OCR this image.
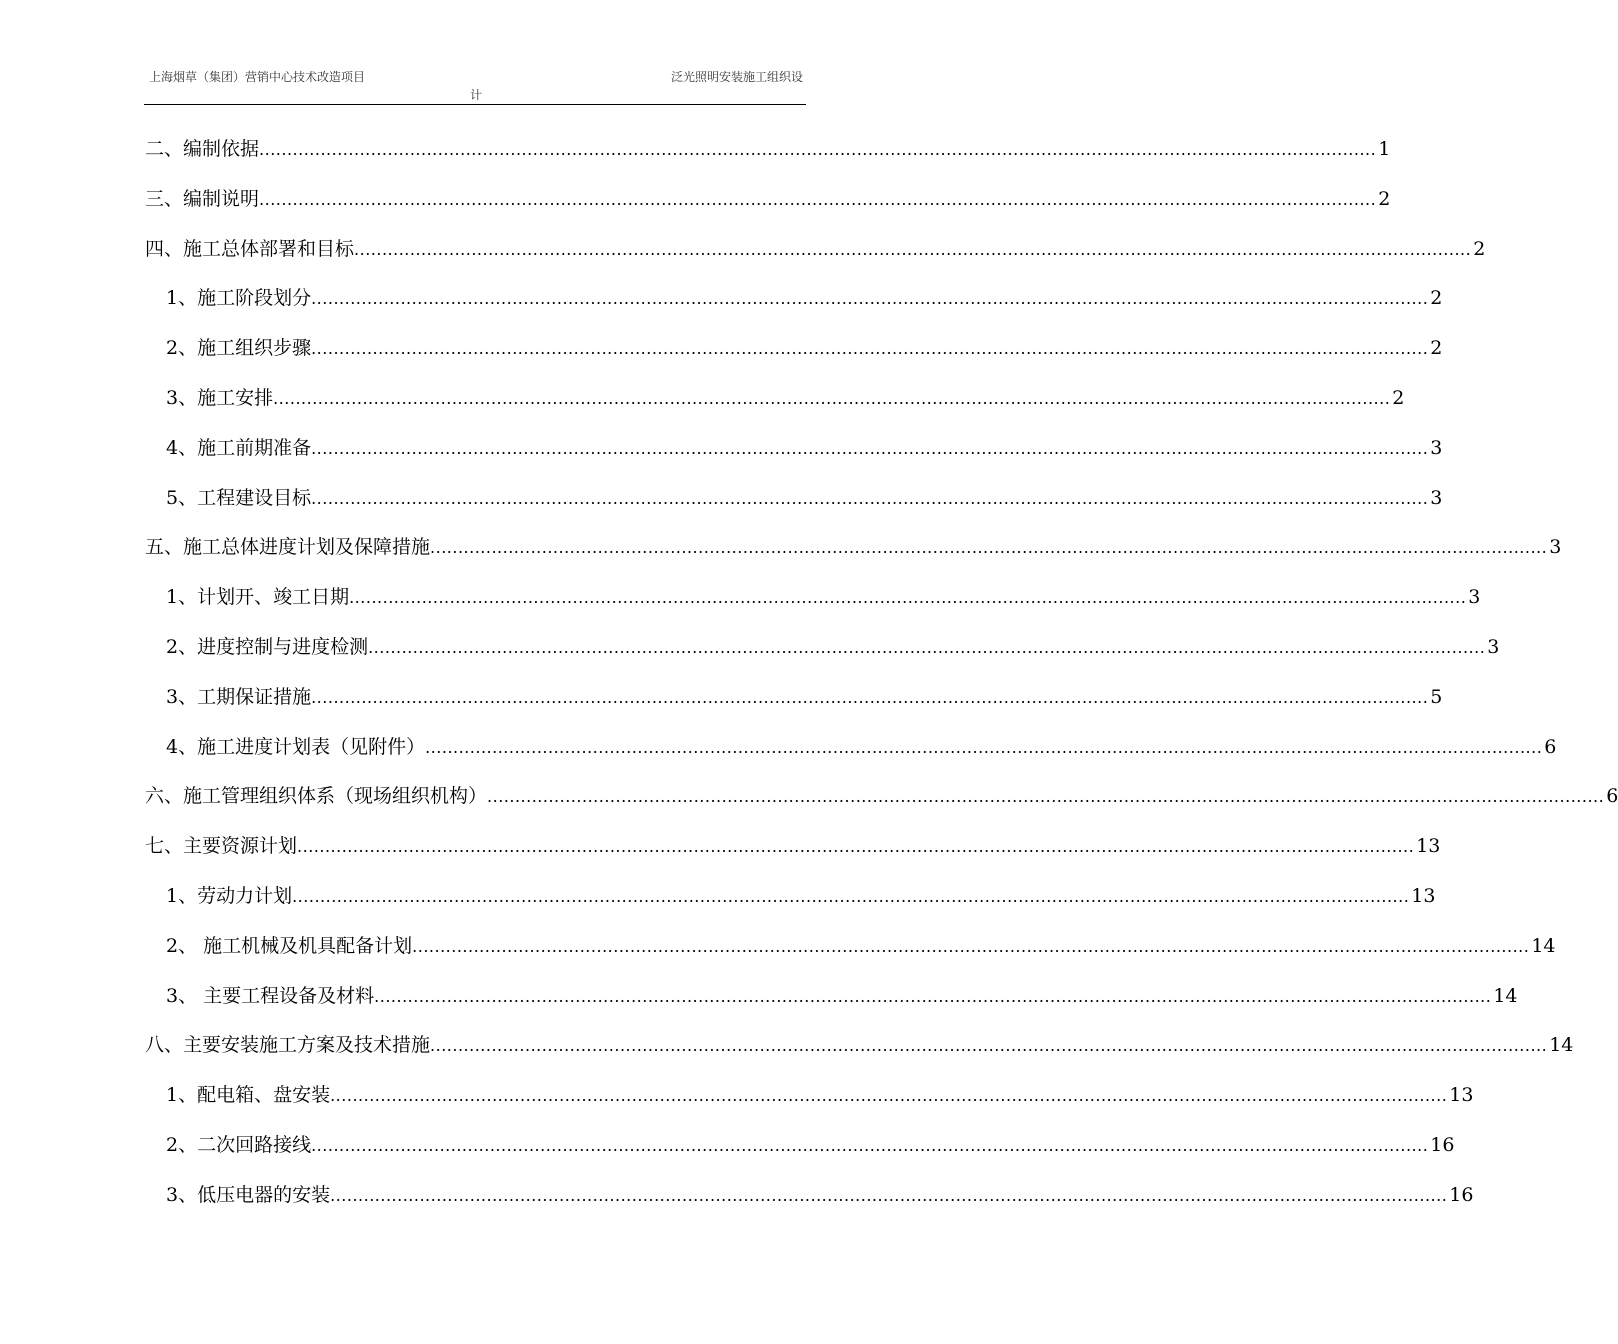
上海烟草（集团）营销中心技术改造项目	泛光照明安装施工组织设
计
二、编制依据 ........................................................................................................................................................................................................ 1
三、编制说明 ........................................................................................................................................................................................................ 2
四、施工总体部署和目标 ........................................................................................................................................................................................................ 2
1、施工阶段划分 ........................................................................................................................................................................................................ 2
2、施工组织步骤 ........................................................................................................................................................................................................ 2
3、施工安排 ........................................................................................................................................................................................................ 2
4、施工前期准备 ........................................................................................................................................................................................................ 3
5、工程建设目标 ........................................................................................................................................................................................................ 3
五、施工总体进度计划及保障措施 ........................................................................................................................................................................................................ 3
1、计划开、竣工日期 ........................................................................................................................................................................................................ 3
2、进度控制与进度检测 ........................................................................................................................................................................................................ 3
3、工期保证措施 ........................................................................................................................................................................................................ 5
4、施工进度计划表（见附件） ........................................................................................................................................................................................................ 6
六、施工管理组织体系（现场组织机构） ........................................................................................................................................................................................................ 6
七、主要资源计划 ........................................................................................................................................................................................................ 13
1、劳动力计划 ........................................................................................................................................................................................................ 13
2、 施工机械及机具配备计划 ........................................................................................................................................................................................................ 14
3、 主要工程设备及材料 ........................................................................................................................................................................................................ 14
八、主要安装施工方案及技术措施 ........................................................................................................................................................................................................ 14
1、配电箱、盘安装 ........................................................................................................................................................................................................ 13
2、二次回路接线 ........................................................................................................................................................................................................ 16
3、低压电器的安装 ........................................................................................................................................................................................................ 16
